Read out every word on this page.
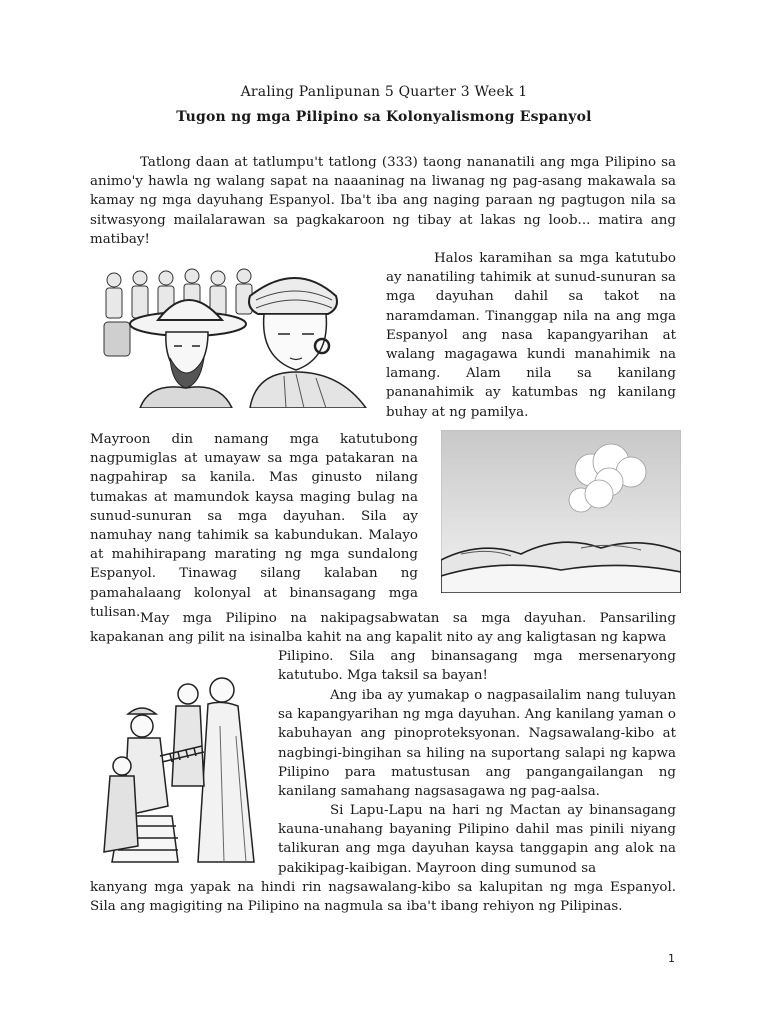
Araling Panlipunan 5 Quarter 3 Week 1
Tugon ng mga Pilipino sa Kolonyalismong Espanyol

Tatlong daan at tatlumpu't tatlong (333) taong nananatili ang mga Pilipino sa animo'y hawla ng walang sapat na naaaninag na liwanag ng pag-asang makawala sa kamay ng mga dayuhang Espanyol. Iba't iba ang naging paraan ng pagtugon nila sa sitwasyong mailalarawan sa pagkakaroon ng tibay at lakas ng loob... matira ang matibay!

Halos karamihan sa mga katutubo ay nanatiling tahimik at sunud-sunuran sa mga dayuhan dahil sa takot na naramdaman. Tinanggap nila na ang mga Espanyol ang nasa kapangyarihan at walang magagawa kundi manahimik na lamang. Alam nila sa kanilang pananahimik ay katumbas ng kanilang buhay at ng pamilya.

Mayroon din namang mga katutubong nagpumiglas at umayaw sa mga patakaran na nagpahirap sa kanila. Mas ginusto nilang tumakas at mamundok kaysa maging bulag na sunud-sunuran sa mga dayuhan. Sila ay namuhay nang tahimik sa kabundukan. Malayo at mahihirapang marating ng mga sundalong Espanyol. Tinawag silang kalaban ng pamahalaang kolonyal at binansagang mga tulisan. May mga Pilipino na nakipagsabwatan sa mga dayuhan. Pansariling kapakanan ang pilit na isinalba kahit na ang kapalit nito ay ang kaligtasan ng kapwa

Pilipino. Sila ang binansagang mga mersenaryong katutubo. Mga taksil sa bayan!

Ang iba ay yumakap o nagpasailalim nang tuluyan sa kapangyarihan ng mga dayuhan. Ang kanilang yaman o kabuhayan ang pinoproteksyonan. Nagsawalang-kibo at nagbingi-bingihan sa hiling na suportang salapi ng kapwa Pilipino para matustusan ang pangangailangan ng kanilang samahang nagsasagawa ng pag-aalsa.

Si Lapu-Lapu na hari ng Mactan ay binansagang kauna-unahang bayaning Pilipino dahil mas pinili niyang talikuran ang mga dayuhan kaysa tanggapin ang alok na pakikipag-kaibigan. Mayroon ding sumunod sa

kanyang mga yapak na hindi rin nagsawalang-kibo sa kalupitan ng mga Espanyol. Sila ang magigiting na Pilipino na nagmula sa iba't ibang rehiyon ng Pilipinas.

1
